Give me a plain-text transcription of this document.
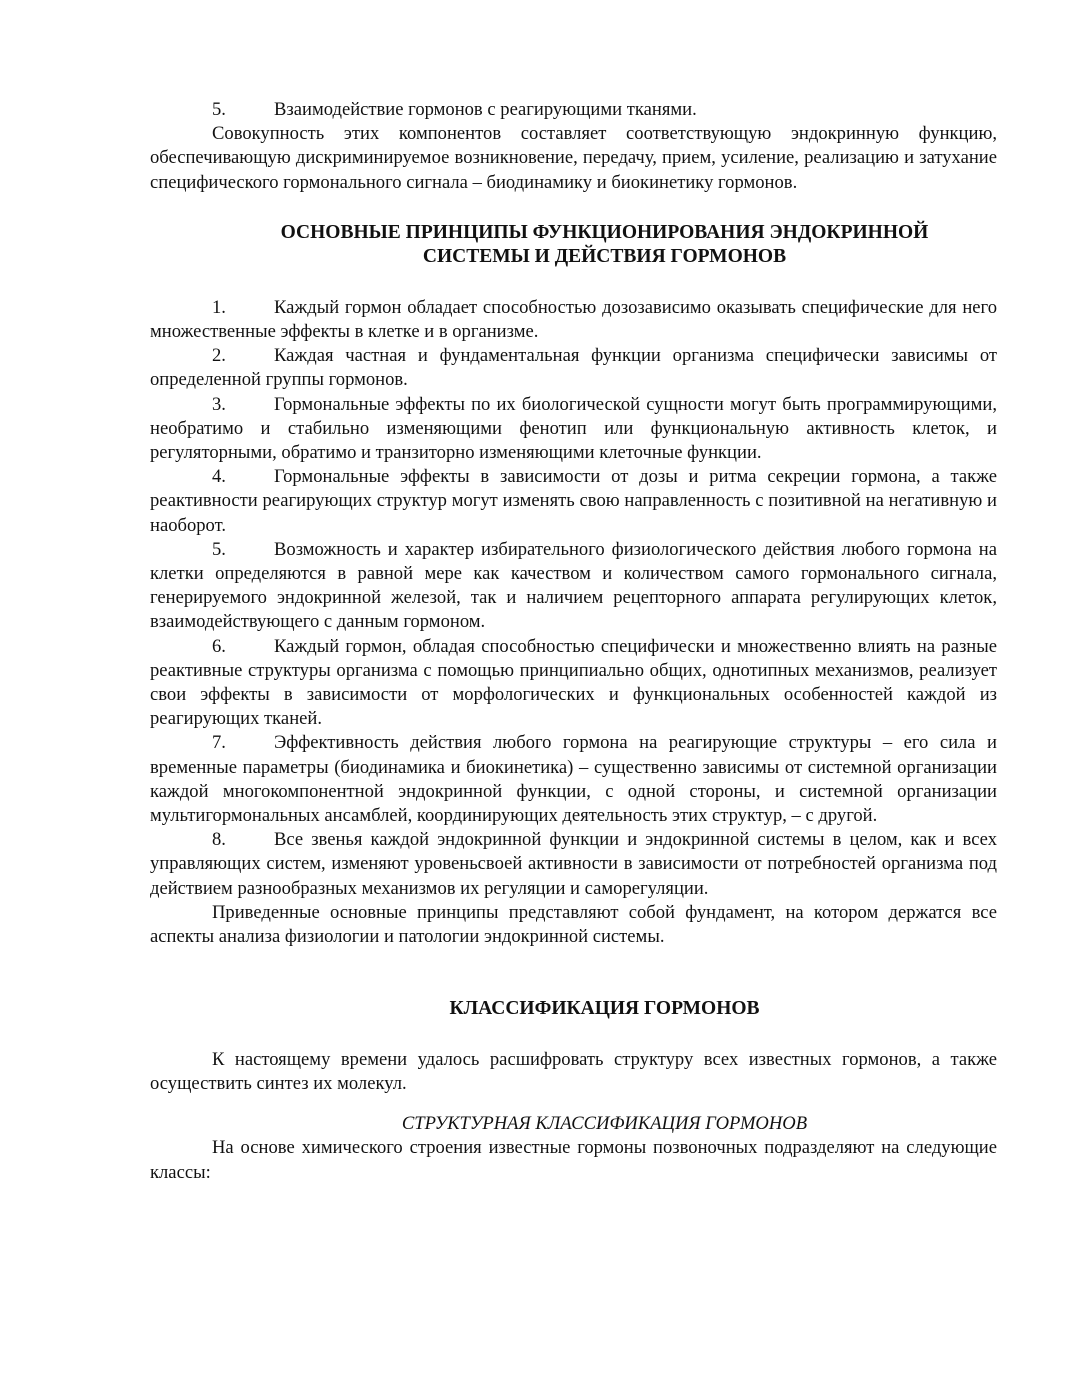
5.	Взаимодействие гормонов с реагирующими тканями.

Совокупность этих компонентов составляет соответствующую эндокринную функцию, обеспечивающую дискриминируемое возникновение, передачу, прием, усиление, реализацию и затухание специфического гормонального сигнала – биодинамику и биокинетику гормонов.

ОСНОВНЫЕ ПРИНЦИПЫ ФУНКЦИОНИРОВАНИЯ ЭНДОКРИННОЙ
СИСТЕМЫ И ДЕЙСТВИЯ ГОРМОНОВ

1.	Каждый гормон обладает способностью дозозависимо оказывать специфические для него множественные эффекты в клетке и в организме.

2.	Каждая частная и фундаментальная функции организма специфически зависимы от определенной группы гормонов.

3.	Гормональные эффекты по их биологической сущности могут быть программирующими, необратимо и стабильно изменяющими фенотип или функциональную активность клеток, и регуляторными, обратимо и транзиторно изменяющими клеточные функции.

4.	Гормональные эффекты в зависимости от дозы и ритма секреции гормона, а также реактивности реагирующих структур могут изменять свою направленность с позитивной на негативную и наоборот.

5.	Возможность и характер избирательного физиологического действия любого гормона на клетки определяются в равной мере как качеством и количеством самого гормонального сигнала, генерируемого эндокринной железой, так и наличием рецепторного аппарата регулирующих клеток, взаимодействующего с данным гормоном.

6.	Каждый гормон, обладая способностью специфически и множественно влиять на разные реактивные структуры организма с помощью принципиально общих, однотипных механизмов, реализует свои эффекты в зависимости от морфологических и функциональных особенностей каждой из реагирующих тканей.

7.	Эффективность действия любого гормона на реагирующие структуры – его сила и временные параметры (биодинамика и биокинетика) – существенно зависимы от системной организации каждой многокомпонентной эндокринной функции, с одной стороны, и системной организации мультигормональных ансамблей, координирующих деятельность этих структур, – с другой.

8.	Все звенья каждой эндокринной функции и эндокринной системы в целом, как и всех управляющих систем, изменяют уровеньсвоей активности в зависимости от потребностей организма под действием разнообразных механизмов их регуляции и саморегуляции.

Приведенные основные принципы представляют собой фундамент, на котором держатся все аспекты анализа физиологии и патологии эндокринной системы.

КЛАССИФИКАЦИЯ ГОРМОНОВ

К настоящему времени удалось расшифровать структуру всех известных гормонов, а также осуществить синтез их молекул.

СТРУКТУРНАЯ КЛАССИФИКАЦИЯ ГОРМОНОВ

На основе химического строения известные гормоны позвоночных подразделяют на следующие классы:
